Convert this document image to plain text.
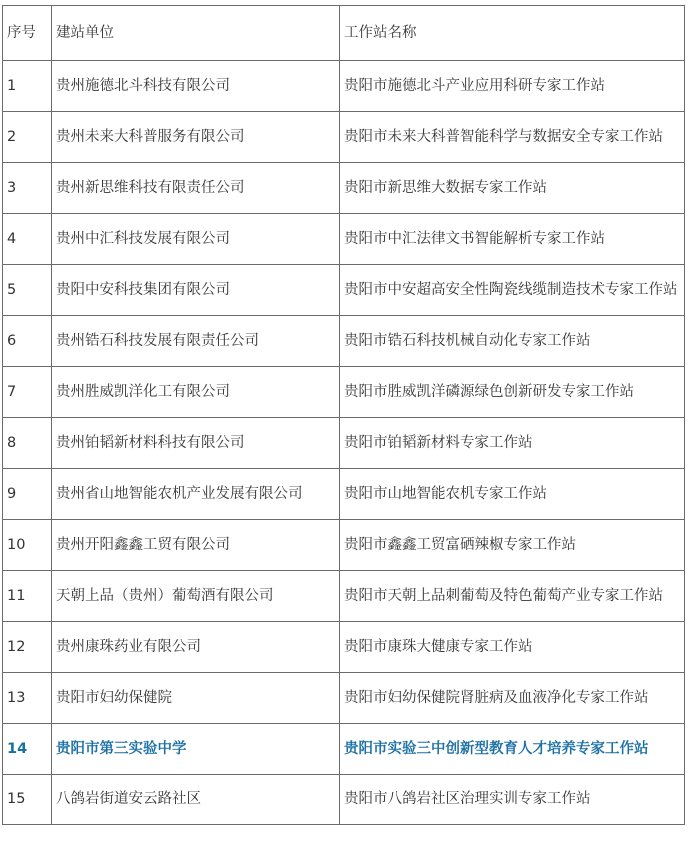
序号	建站单位	工作站名称
1	贵州施德北斗科技有限公司	贵阳市施德北斗产业应用科研专家工作站
2	贵州未来大科普服务有限公司	贵阳市未来大科普智能科学与数据安全专家工作站
3	贵州新思维科技有限责任公司	贵阳市新思维大数据专家工作站
4	贵州中汇科技发展有限公司	贵阳市中汇法律文书智能解析专家工作站
5	贵阳中安科技集团有限公司	贵阳市中安超高安全性陶瓷线缆制造技术专家工作站
6	贵州锆石科技发展有限责任公司	贵阳市锆石科技机械自动化专家工作站
7	贵州胜威凯洋化工有限公司	贵阳市胜威凯洋磷源绿色创新研发专家工作站
8	贵州铂韬新材料科技有限公司	贵阳市铂韬新材料专家工作站
9	贵州省山地智能农机产业发展有限公司	贵阳市山地智能农机专家工作站
10	贵州开阳鑫鑫工贸有限公司	贵阳市鑫鑫工贸富硒辣椒专家工作站
11	天朝上品（贵州）葡萄酒有限公司	贵阳市天朝上品刺葡萄及特色葡萄产业专家工作站
12	贵州康珠药业有限公司	贵阳市康珠大健康专家工作站
13	贵阳市妇幼保健院	贵阳市妇幼保健院肾脏病及血液净化专家工作站
14	贵阳市第三实验中学	贵阳市实验三中创新型教育人才培养专家工作站
15	八鸽岩街道安云路社区	贵阳市八鸽岩社区治理实训专家工作站
